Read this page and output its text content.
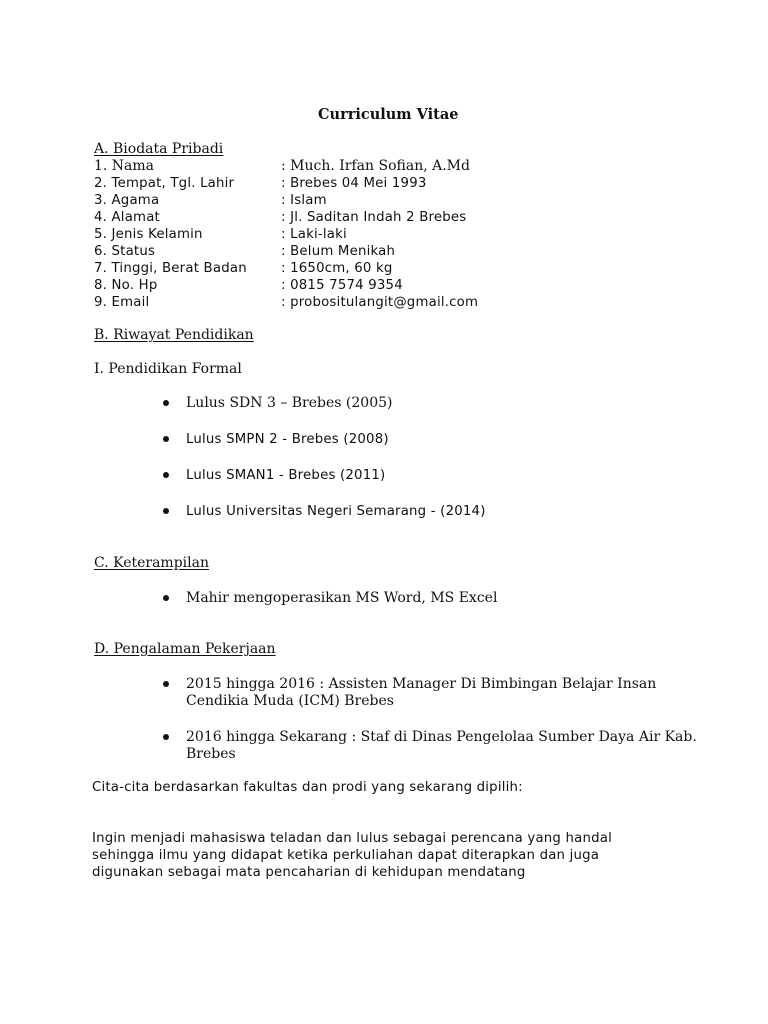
Curriculum Vitae
A. Biodata Pribadi
1. Nama	: Much. Irfan Sofian, A.Md
2. Tempat, Tgl. Lahir	: Brebes 04 Mei 1993
3. Agama	: Islam
4. Alamat	: Jl. Saditan Indah 2 Brebes
5. Jenis Kelamin	: Laki-laki
6. Status	: Belum Menikah
7. Tinggi, Berat Badan	: 1650cm, 60 kg
8. No. Hp	: 0815 7574 9354
9. Email	: probositulangit@gmail.com
B. Riwayat Pendidikan
I. Pendidikan Formal
Lulus SDN 3 – Brebes (2005)
Lulus SMPN 2 - Brebes (2008)
Lulus SMAN1 - Brebes (2011)
Lulus Universitas Negeri Semarang - (2014)
C. Keterampilan
Mahir mengoperasikan MS Word, MS Excel
D. Pengalaman Pekerjaan
2015 hingga 2016 : Assisten Manager Di Bimbingan Belajar Insan
Cendikia Muda (ICM) Brebes
2016 hingga Sekarang : Staf di Dinas Pengelolaa Sumber Daya Air Kab.
Brebes
Cita-cita berdasarkan fakultas dan prodi yang sekarang dipilih:
Ingin menjadi mahasiswa teladan dan lulus sebagai perencana yang handal
sehingga ilmu yang didapat ketika perkuliahan dapat diterapkan dan juga
digunakan sebagai mata pencaharian di kehidupan mendatang
